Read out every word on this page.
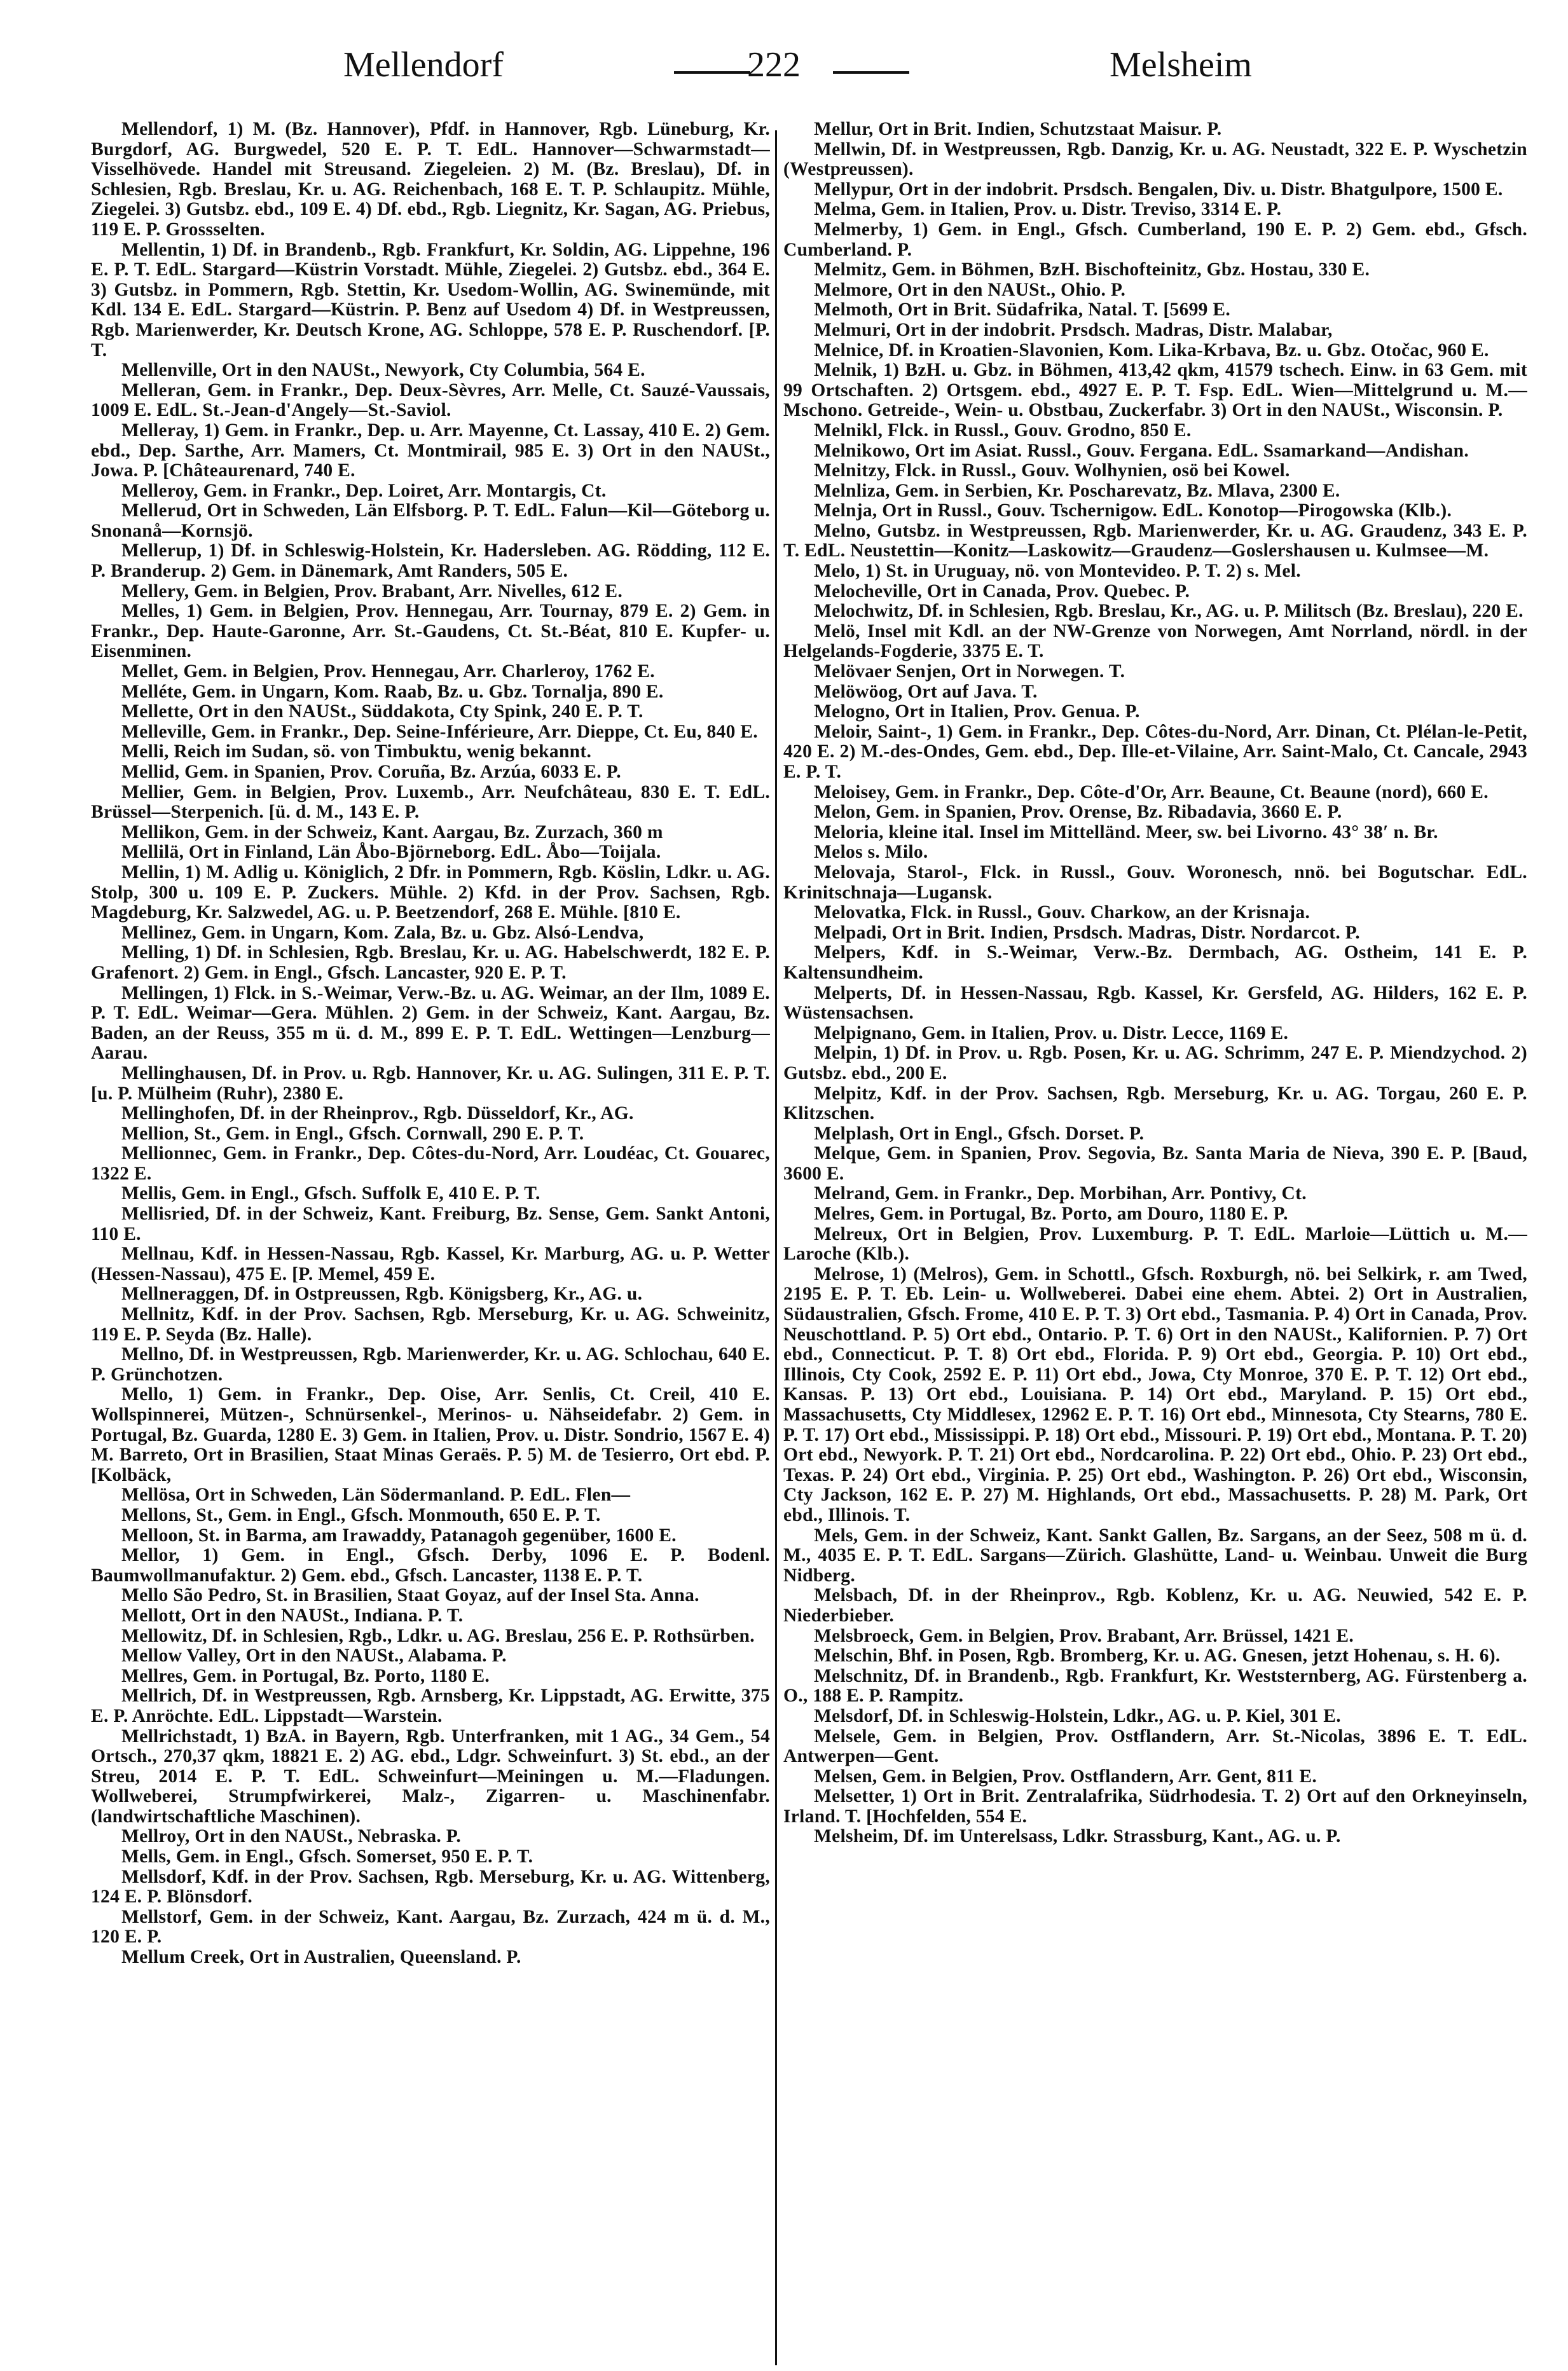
Mellendorf	222	Melsheim

Mellendorf, 1) M. (Bz. Hannover), Pfdf. in Hannover, Rgb. Lüneburg, Kr. Burgdorf, AG. Burgwedel, 520 E. P. T. EdL. Hannover—Schwarmstadt—Visselhövede. Handel mit Streusand. Ziegeleien. 2) M. (Bz. Breslau), Df. in Schlesien, Rgb. Breslau, Kr. u. AG. Reichenbach, 168 E. T. P. Schlaupitz. Mühle, Ziegelei. 3) Gutsbz. ebd., 109 E. 4) Df. ebd., Rgb. Liegnitz, Kr. Sagan, AG. Priebus, 119 E. P. Grossselten.

Mellentin, 1) Df. in Brandenb., Rgb. Frankfurt, Kr. Soldin, AG. Lippehne, 196 E. P. T. EdL. Stargard—Küstrin Vorstadt. Mühle, Ziegelei. 2) Gutsbz. ebd., 364 E. 3) Gutsbz. in Pommern, Rgb. Stettin, Kr. Usedom-Wollin, AG. Swinemünde, mit Kdl. 134 E. EdL. Stargard—Küstrin. P. Benz auf Usedom 4) Df. in Westpreussen, Rgb. Marienwerder, Kr. Deutsch Krone, AG. Schloppe, 578 E. P. Ruschendorf. [P. T.

Mellenville, Ort in den NAUSt., Newyork, Cty Columbia, 564 E.

Melleran, Gem. in Frankr., Dep. Deux-Sèvres, Arr. Melle, Ct. Sauzé-Vaussais, 1009 E. EdL. St.-Jean-d'Angely—St.-Saviol.

Melleray, 1) Gem. in Frankr., Dep. u. Arr. Mayenne, Ct. Lassay, 410 E. 2) Gem. ebd., Dep. Sarthe, Arr. Mamers, Ct. Montmirail, 985 E. 3) Ort in den NAUSt., Jowa. P. [Châteaurenard, 740 E.

Melleroy, Gem. in Frankr., Dep. Loiret, Arr. Montargis, Ct.

Mellerud, Ort in Schweden, Län Elfsborg. P. T. EdL. Falun—Kil—Göteborg u. Snonanå—Kornsjö.

Mellerup, 1) Df. in Schleswig-Holstein, Kr. Hadersleben. AG. Rödding, 112 E. P. Branderup. 2) Gem. in Dänemark, Amt Randers, 505 E.

Mellery, Gem. in Belgien, Prov. Brabant, Arr. Nivelles, 612 E.

Melles, 1) Gem. in Belgien, Prov. Hennegau, Arr. Tournay, 879 E. 2) Gem. in Frankr., Dep. Haute-Garonne, Arr. St.-Gaudens, Ct. St.-Béat, 810 E. Kupfer- u. Eisenminen.

Mellet, Gem. in Belgien, Prov. Hennegau, Arr. Charleroy, 1762 E.

Melléte, Gem. in Ungarn, Kom. Raab, Bz. u. Gbz. Tornalja, 890 E.

Mellette, Ort in den NAUSt., Süddakota, Cty Spink, 240 E. P. T.

Melleville, Gem. in Frankr., Dep. Seine-Inférieure, Arr. Dieppe, Ct. Eu, 840 E.

Melli, Reich im Sudan, sö. von Timbuktu, wenig bekannt.

Mellid, Gem. in Spanien, Prov. Coruña, Bz. Arzúa, 6033 E. P.

Mellier, Gem. in Belgien, Prov. Luxemb., Arr. Neufchâteau, 830 E. T. EdL. Brüssel—Sterpenich. [ü. d. M., 143 E. P.

Mellikon, Gem. in der Schweiz, Kant. Aargau, Bz. Zurzach, 360 m

Mellilä, Ort in Finland, Län Åbo-Björneborg. EdL. Åbo—Toijala.

Mellin, 1) M. Adlig u. Königlich, 2 Dfr. in Pommern, Rgb. Köslin, Ldkr. u. AG. Stolp, 300 u. 109 E. P. Zuckers. Mühle. 2) Kfd. in der Prov. Sachsen, Rgb. Magdeburg, Kr. Salzwedel, AG. u. P. Beetzendorf, 268 E. Mühle. [810 E.

Mellinez, Gem. in Ungarn, Kom. Zala, Bz. u. Gbz. Alsó-Lendva,

Melling, 1) Df. in Schlesien, Rgb. Breslau, Kr. u. AG. Habelschwerdt, 182 E. P. Grafenort. 2) Gem. in Engl., Gfsch. Lancaster, 920 E. P. T.

Mellingen, 1) Flck. in S.-Weimar, Verw.-Bz. u. AG. Weimar, an der Ilm, 1089 E. P. T. EdL. Weimar—Gera. Mühlen. 2) Gem. in der Schweiz, Kant. Aargau, Bz. Baden, an der Reuss, 355 m ü. d. M., 899 E. P. T. EdL. Wettingen—Lenzburg—Aarau.

Mellinghausen, Df. in Prov. u. Rgb. Hannover, Kr. u. AG. Sulingen, 311 E. P. T. [u. P. Mülheim (Ruhr), 2380 E.

Mellinghofen, Df. in der Rheinprov., Rgb. Düsseldorf, Kr., AG.

Mellion, St., Gem. in Engl., Gfsch. Cornwall, 290 E. P. T.

Mellionnec, Gem. in Frankr., Dep. Côtes-du-Nord, Arr. Loudéac, Ct. Gouarec, 1322 E.

Mellis, Gem. in Engl., Gfsch. Suffolk E, 410 E. P. T.

Mellisried, Df. in der Schweiz, Kant. Freiburg, Bz. Sense, Gem. Sankt Antoni, 110 E.

Mellnau, Kdf. in Hessen-Nassau, Rgb. Kassel, Kr. Marburg, AG. u. P. Wetter (Hessen-Nassau), 475 E. [P. Memel, 459 E.

Mellneraggen, Df. in Ostpreussen, Rgb. Königsberg, Kr., AG. u.

Mellnitz, Kdf. in der Prov. Sachsen, Rgb. Merseburg, Kr. u. AG. Schweinitz, 119 E. P. Seyda (Bz. Halle).

Mellno, Df. in Westpreussen, Rgb. Marienwerder, Kr. u. AG. Schlochau, 640 E. P. Grünchotzen.

Mello, 1) Gem. in Frankr., Dep. Oise, Arr. Senlis, Ct. Creil, 410 E. Wollspinnerei, Mützen-, Schnürsenkel-, Merinos- u. Nähseidefabr. 2) Gem. in Portugal, Bz. Guarda, 1280 E. 3) Gem. in Italien, Prov. u. Distr. Sondrio, 1567 E. 4) M. Barreto, Ort in Brasilien, Staat Minas Geraës. P. 5) M. de Tesierro, Ort ebd. P. [Kolbäck,

Mellösa, Ort in Schweden, Län Södermanland. P. EdL. Flen—

Mellons, St., Gem. in Engl., Gfsch. Monmouth, 650 E. P. T.

Melloon, St. in Barma, am Irawaddy, Patanagoh gegenüber, 1600 E.

Mellor, 1) Gem. in Engl., Gfsch. Derby, 1096 E. P. Bodenl. Baumwollmanufaktur. 2) Gem. ebd., Gfsch. Lancaster, 1138 E. P. T.

Mello São Pedro, St. in Brasilien, Staat Goyaz, auf der Insel Sta. Anna.

Mellott, Ort in den NAUSt., Indiana. P. T.

Mellowitz, Df. in Schlesien, Rgb., Ldkr. u. AG. Breslau, 256 E. P. Rothsürben.

Mellow Valley, Ort in den NAUSt., Alabama. P.

Mellres, Gem. in Portugal, Bz. Porto, 1180 E.

Mellrich, Df. in Westpreussen, Rgb. Arnsberg, Kr. Lippstadt, AG. Erwitte, 375 E. P. Anröchte. EdL. Lippstadt—Warstein.

Mellrichstadt, 1) BzA. in Bayern, Rgb. Unterfranken, mit 1 AG., 34 Gem., 54 Ortsch., 270,37 qkm, 18821 E. 2) AG. ebd., Ldgr. Schweinfurt. 3) St. ebd., an der Streu, 2014 E. P. T. EdL. Schweinfurt—Meiningen u. M.—Fladungen. Wollweberei, Strumpfwirkerei, Malz-, Zigarren- u. Maschinenfabr. (landwirtschaftliche Maschinen).

Mellroy, Ort in den NAUSt., Nebraska. P.

Mells, Gem. in Engl., Gfsch. Somerset, 950 E. P. T.

Mellsdorf, Kdf. in der Prov. Sachsen, Rgb. Merseburg, Kr. u. AG. Wittenberg, 124 E. P. Blönsdorf.

Mellstorf, Gem. in der Schweiz, Kant. Aargau, Bz. Zurzach, 424 m ü. d. M., 120 E. P.

Mellum Creek, Ort in Australien, Queensland. P.

Mellur, Ort in Brit. Indien, Schutzstaat Maisur. P.

Mellwin, Df. in Westpreussen, Rgb. Danzig, Kr. u. AG. Neustadt, 322 E. P. Wyschetzin (Westpreussen).

Mellypur, Ort in der indobrit. Prsdsch. Bengalen, Div. u. Distr. Bhatgulpore, 1500 E.

Melma, Gem. in Italien, Prov. u. Distr. Treviso, 3314 E. P.

Melmerby, 1) Gem. in Engl., Gfsch. Cumberland, 190 E. P. 2) Gem. ebd., Gfsch. Cumberland. P.

Melmitz, Gem. in Böhmen, BzH. Bischofteinitz, Gbz. Hostau, 330 E.

Melmore, Ort in den NAUSt., Ohio. P.

Melmoth, Ort in Brit. Südafrika, Natal. T. [5699 E.

Melmuri, Ort in der indobrit. Prsdsch. Madras, Distr. Malabar,

Melnice, Df. in Kroatien-Slavonien, Kom. Lika-Krbava, Bz. u. Gbz. Otočac, 960 E.

Melnik, 1) BzH. u. Gbz. in Böhmen, 413,42 qkm, 41579 tschech. Einw. in 63 Gem. mit 99 Ortschaften. 2) Ortsgem. ebd., 4927 E. P. T. Fsp. EdL. Wien—Mittelgrund u. M.—Mschono. Getreide-, Wein- u. Obstbau, Zuckerfabr. 3) Ort in den NAUSt., Wisconsin. P.

Melnikl, Flck. in Russl., Gouv. Grodno, 850 E.

Melnikowo, Ort im Asiat. Russl., Gouv. Fergana. EdL. Ssamarkand—Andishan.

Melnitzy, Flck. in Russl., Gouv. Wolhynien, osö bei Kowel.

Melnliza, Gem. in Serbien, Kr. Poscharevatz, Bz. Mlava, 2300 E.

Melnja, Ort in Russl., Gouv. Tschernigow. EdL. Konotop—Pirogowska (Klb.).

Melno, Gutsbz. in Westpreussen, Rgb. Marienwerder, Kr. u. AG. Graudenz, 343 E. P. T. EdL. Neustettin—Konitz—Laskowitz—Graudenz—Goslershausen u. Kulmsee—M.

Melo, 1) St. in Uruguay, nö. von Montevideo. P. T. 2) s. Mel.

Melocheville, Ort in Canada, Prov. Quebec. P.

Melochwitz, Df. in Schlesien, Rgb. Breslau, Kr., AG. u. P. Militsch (Bz. Breslau), 220 E.

Melö, Insel mit Kdl. an der NW-Grenze von Norwegen, Amt Norrland, nördl. in der Helgelands-Fogderie, 3375 E. T.

Melövaer Senjen, Ort in Norwegen. T.

Melöwöog, Ort auf Java. T.

Melogno, Ort in Italien, Prov. Genua. P.

Meloir, Saint-, 1) Gem. in Frankr., Dep. Côtes-du-Nord, Arr. Dinan, Ct. Plélan-le-Petit, 420 E. 2) M.-des-Ondes, Gem. ebd., Dep. Ille-et-Vilaine, Arr. Saint-Malo, Ct. Cancale, 2943 E. P. T.

Meloisey, Gem. in Frankr., Dep. Côte-d'Or, Arr. Beaune, Ct. Beaune (nord), 660 E.

Melon, Gem. in Spanien, Prov. Orense, Bz. Ribadavia, 3660 E. P.

Meloria, kleine ital. Insel im Mittelländ. Meer, sw. bei Livorno. 43° 38′ n. Br.

Melos s. Milo.

Melovaja, Starol-, Flck. in Russl., Gouv. Woronesch, nnö. bei Bogutschar. EdL. Krinitschnaja—Lugansk.

Melovatka, Flck. in Russl., Gouv. Charkow, an der Krisnaja.

Melpadi, Ort in Brit. Indien, Prsdsch. Madras, Distr. Nordarcot. P.

Melpers, Kdf. in S.-Weimar, Verw.-Bz. Dermbach, AG. Ostheim, 141 E. P. Kaltensundheim.

Melperts, Df. in Hessen-Nassau, Rgb. Kassel, Kr. Gersfeld, AG. Hilders, 162 E. P. Wüstensachsen.

Melpignano, Gem. in Italien, Prov. u. Distr. Lecce, 1169 E.

Melpin, 1) Df. in Prov. u. Rgb. Posen, Kr. u. AG. Schrimm, 247 E. P. Miendzychod. 2) Gutsbz. ebd., 200 E.

Melpitz, Kdf. in der Prov. Sachsen, Rgb. Merseburg, Kr. u. AG. Torgau, 260 E. P. Klitzschen.

Melplash, Ort in Engl., Gfsch. Dorset. P.

Melque, Gem. in Spanien, Prov. Segovia, Bz. Santa Maria de Nieva, 390 E. P. [Baud, 3600 E.

Melrand, Gem. in Frankr., Dep. Morbihan, Arr. Pontivy, Ct.

Melres, Gem. in Portugal, Bz. Porto, am Douro, 1180 E. P.

Melreux, Ort in Belgien, Prov. Luxemburg. P. T. EdL. Marloie—Lüttich u. M.—Laroche (Klb.).

Melrose, 1) (Melros), Gem. in Schottl., Gfsch. Roxburgh, nö. bei Selkirk, r. am Twed, 2195 E. P. T. Eb. Lein- u. Wollweberei. Dabei eine ehem. Abtei. 2) Ort in Australien, Südaustralien, Gfsch. Frome, 410 E. P. T. 3) Ort ebd., Tasmania. P. 4) Ort in Canada, Prov. Neuschottland. P. 5) Ort ebd., Ontario. P. T. 6) Ort in den NAUSt., Kalifornien. P. 7) Ort ebd., Connecticut. P. T. 8) Ort ebd., Florida. P. 9) Ort ebd., Georgia. P. 10) Ort ebd., Illinois, Cty Cook, 2592 E. P. 11) Ort ebd., Jowa, Cty Monroe, 370 E. P. T. 12) Ort ebd., Kansas. P. 13) Ort ebd., Louisiana. P. 14) Ort ebd., Maryland. P. 15) Ort ebd., Massachusetts, Cty Middlesex, 12962 E. P. T. 16) Ort ebd., Minnesota, Cty Stearns, 780 E. P. T. 17) Ort ebd., Mississippi. P. 18) Ort ebd., Missouri. P. 19) Ort ebd., Montana. P. T. 20) Ort ebd., Newyork. P. T. 21) Ort ebd., Nordcarolina. P. 22) Ort ebd., Ohio. P. 23) Ort ebd., Texas. P. 24) Ort ebd., Virginia. P. 25) Ort ebd., Washington. P. 26) Ort ebd., Wisconsin, Cty Jackson, 162 E. P. 27) M. Highlands, Ort ebd., Massachusetts. P. 28) M. Park, Ort ebd., Illinois. T.

Mels, Gem. in der Schweiz, Kant. Sankt Gallen, Bz. Sargans, an der Seez, 508 m ü. d. M., 4035 E. P. T. EdL. Sargans—Zürich. Glashütte, Land- u. Weinbau. Unweit die Burg Nidberg.

Melsbach, Df. in der Rheinprov., Rgb. Koblenz, Kr. u. AG. Neuwied, 542 E. P. Niederbieber.

Melsbroeck, Gem. in Belgien, Prov. Brabant, Arr. Brüssel, 1421 E.

Melschin, Bhf. in Posen, Rgb. Bromberg, Kr. u. AG. Gnesen, jetzt Hohenau, s. H. 6).

Melschnitz, Df. in Brandenb., Rgb. Frankfurt, Kr. Weststernberg, AG. Fürstenberg a. O., 188 E. P. Rampitz.

Melsdorf, Df. in Schleswig-Holstein, Ldkr., AG. u. P. Kiel, 301 E.

Melsele, Gem. in Belgien, Prov. Ostflandern, Arr. St.-Nicolas, 3896 E. T. EdL. Antwerpen—Gent.

Melsen, Gem. in Belgien, Prov. Ostflandern, Arr. Gent, 811 E.

Melsetter, 1) Ort in Brit. Zentralafrika, Südrhodesia. T. 2) Ort auf den Orkneyinseln, Irland. T. [Hochfelden, 554 E.

Melsheim, Df. im Unterelsass, Ldkr. Strassburg, Kant., AG. u. P.
